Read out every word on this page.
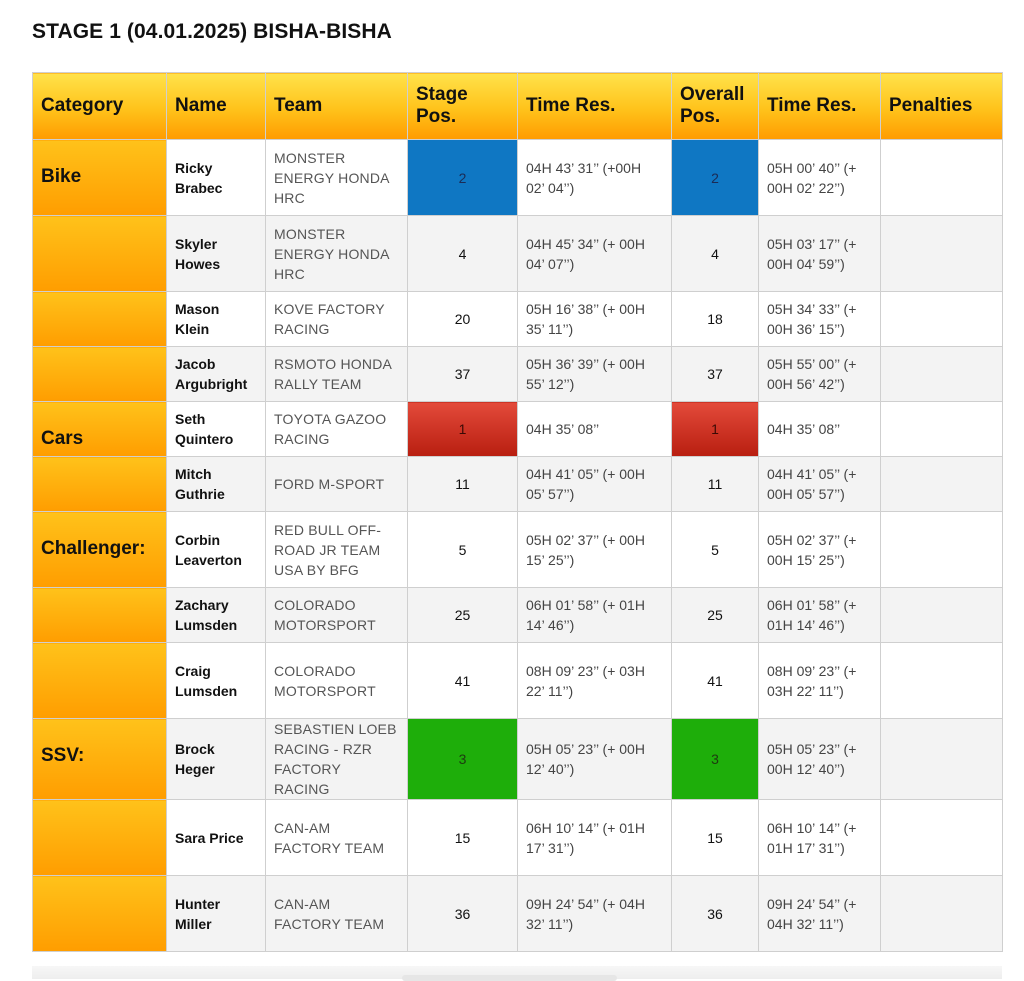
STAGE 1 (04.01.2025) BISHA-BISHA
Category	Name	Team	Stage Pos.	Time Res.	Overall Pos.	Time Res.	Penalties

Bike	Ricky Brabec	MONSTER ENERGY HONDA HRC	2	04H 43’ 31’’ (+00H 02’ 04’’)	2	05H 00’ 40’’ (+ 00H 02’ 22’’)	

	Skyler Howes	MONSTER ENERGY HONDA HRC	4	04H 45’ 34’’ (+ 00H 04’ 07’’)	4	05H 03’ 17’’ (+ 00H 04’ 59’’)	

	Mason Klein	KOVE FACTORY RACING	20	05H 16’ 38’’ (+ 00H 35’ 11’’)	18	05H 34’ 33’’ (+ 00H 36’ 15’’)	

	Jacob Argubright	RSMOTO HONDA RALLY TEAM	37	05H 36’ 39’’ (+ 00H 55’ 12’’)	37	05H 55’ 00’’ (+ 00H 56’ 42’’)	

Cars	Seth Quintero	TOYOTA GAZOO RACING	1	04H 35’ 08’’	1	04H 35’ 08’’	

	Mitch Guthrie	FORD M-SPORT	11	04H 41’ 05’’ (+ 00H 05’ 57’’)	11	04H 41’ 05’’ (+ 00H 05’ 57’’)	

Challenger:	Corbin Leaverton	RED BULL OFF-ROAD JR TEAM USA BY BFG	5	05H 02’ 37’’ (+ 00H 15’ 25’’)	5	05H 02’ 37’’ (+ 00H 15’ 25’’)	

	Zachary Lumsden	COLORADO MOTORSPORT	25	06H 01’ 58’’ (+ 01H 14’ 46’’)	25	06H 01’ 58’’ (+ 01H 14’ 46’’)	

	Craig Lumsden	COLORADO MOTORSPORT	41	08H 09’ 23’’ (+ 03H 22’ 11’’)	41	08H 09’ 23’’ (+ 03H 22’ 11’’)	

SSV:	Brock Heger	SEBASTIEN LOEB RACING - RZR FACTORY RACING	3	05H 05’ 23’’ (+ 00H 12’ 40’’)	3	05H 05’ 23’’ (+ 00H 12’ 40’’)	

	Sara Price	CAN-AM FACTORY TEAM	15	06H 10’ 14’’ (+ 01H 17’ 31’’)	15	06H 10’ 14’’ (+ 01H 17’ 31’’)	

	Hunter Miller	CAN-AM FACTORY TEAM	36	09H 24’ 54’’ (+ 04H 32’ 11’’)	36	09H 24’ 54’’ (+ 04H 32’ 11’’)	
